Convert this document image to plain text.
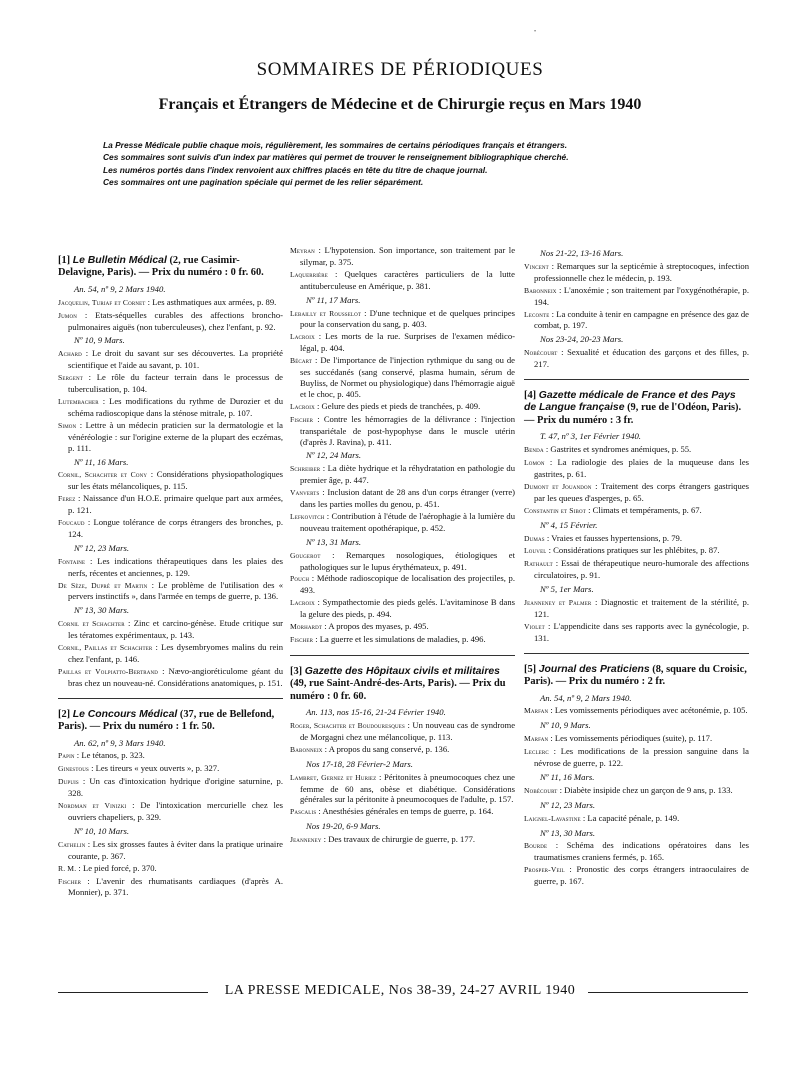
•
SOMMAIRES DE PÉRIODIQUES
Français et Étrangers de Médecine et de Chirurgie reçus en Mars 1940
La Presse Médicale publie chaque mois, régulièrement, les sommaires de certains périodiques français et étrangers.
Ces sommaires sont suivis d'un index par matières qui permet de trouver le renseignement bibliographique cherché.
Les numéros portés dans l'index renvoient aux chiffres placés en tête du titre de chaque journal.
Ces sommaires ont une pagination spéciale qui permet de les relier séparément.
[1] Le Bulletin Médical (2, rue Casimir-Delavigne, Paris). — Prix du numéro : 0 fr. 60.
An. 54, nº 9, 2 Mars 1940.
Jacquelin, Turiaf et Cornet : Les asthmatiques aux armées, p. 89.
Jumon : Etats-séquelles curables des affections broncho-pulmonaires aiguës (non tuberculeuses), chez l'enfant, p. 92.
Nº 10, 9 Mars.
Achard : Le droit du savant sur ses découvertes. La propriété scientifique et l'aide au savant, p. 101.
Sergent : Le rôle du facteur terrain dans le processus de tuberculisation, p. 104.
Lutembacher : Les modifications du rythme de Durozier et du schéma radioscopique dans la sténose mitrale, p. 107.
Simon : Lettre à un médecin praticien sur la dermatologie et la vénéréologie : sur l'origine externe de la plupart des eczémas, p. 111.
Nº 11, 16 Mars.
Cornil, Schachter et Cony : Considérations physiopathologiques sur les états mélancoliques, p. 115.
Ferez : Naissance d'un H.O.E. primaire quelque part aux armées, p. 121.
Foucaud : Longue tolérance de corps étrangers des bronches, p. 124.
Nº 12, 23 Mars.
Fontaine : Les indications thérapeutiques dans les plaies des nerfs, récentes et anciennes, p. 129.
De Sèze, Dupré et Martin : Le problème de l'utilisation des « pervers instinctifs », dans l'armée en temps de guerre, p. 136.
Nº 13, 30 Mars.
Cornil et Schachter : Zinc et carcino-génèse. Etude critique sur les tératomes expérimentaux, p. 143.
Cornil, Paillas et Schachter : Les dysembryomes malins du rein chez l'enfant, p. 146.
Paillas et Volpiatto-Bertrand : Nævo-angioréticulome géant du bras chez un nouveau-né. Considérations anatomiques, p. 151.
[2] Le Concours Médical (37, rue de Bellefond, Paris). — Prix du numéro : 1 fr. 50.
An. 62, nº 9, 3 Mars 1940.
Papin : Le tétanos, p. 323.
Ginestous : Les tireurs « yeux ouverts », p. 327.
Dupuis : Un cas d'intoxication hydrique d'origine saturnine, p. 328.
Nordman et Vinizki : De l'intoxication mercurielle chez les ouvriers chapeliers, p. 329.
Nº 10, 10 Mars.
Cathelin : Les six grosses fautes à éviter dans la pratique urinaire courante, p. 367.
R. M. : Le pied forcé, p. 370.
Fischer : L'avenir des rhumatisants cardiaques (d'après A. Monnier), p. 371.
Meyran : L'hypotension. Son importance, son traitement par le silymar, p. 375.
Laquerrière : Quelques caractères particuliers de la lutte antituberculeuse en Amérique, p. 381.
Nº 11, 17 Mars.
Lebailly et Rousselot : D'une technique et de quelques principes pour la conservation du sang, p. 403.
Lacroix : Les morts de la rue. Surprises de l'examen médico-légal, p. 404.
Bécart : De l'importance de l'injection rythmique du sang ou de ses succédanés (sang conservé, plasma humain, sérum de Buyliss, de Normet ou physiologique) dans l'hémorragie aiguë et le choc, p. 405.
Lacroix : Gelure des pieds et pieds de tranchées, p. 409.
Fischer : Contre les hémorragies de la délivrance : l'injection transpariétale de post-hypophyse dans le muscle utérin (d'après J. Ravina), p. 411.
Nº 12, 24 Mars.
Schreiber : La diète hydrique et la réhydratation en pathologie du premier âge, p. 447.
Vanverts : Inclusion datant de 28 ans d'un corps étranger (verre) dans les parties molles du genou, p. 451.
Lefkovitch : Contribution à l'étude de l'aérophagie à la lumière du nouveau traitement opothérapique, p. 452.
Nº 13, 31 Mars.
Gougerot : Remarques nosologiques, étiologiques et pathologiques sur le lupus érythémateux, p. 491.
Pouch : Méthode radioscopique de localisation des projectiles, p. 493.
Lacroix : Sympathectomie des pieds gelés. L'avitaminose B dans la gelure des pieds, p. 494.
Morhardt : A propos des myases, p. 495.
Fischer : La guerre et les simulations de maladies, p. 496.
[3] Gazette des Hôpitaux civils et militaires (49, rue Saint-André-des-Arts, Paris). — Prix du numéro : 0 fr. 60.
An. 113, nos 15-16, 21-24 Février 1940.
Roger, Schachter et Boudouresques : Un nouveau cas de syndrome de Morgagni chez une mélancolique, p. 113.
Babonneix : A propos du sang conservé, p. 136.
Nos 17-18, 28 Février-2 Mars.
Lambret, Gernez et Huriez : Péritonites à pneumocoques chez une femme de 60 ans, obèse et diabétique. Considérations générales sur la péritonite à pneumocoques de l'adulte, p. 157.
Pascalis : Anesthésies générales en temps de guerre, p. 164.
Nos 19-20, 6-9 Mars.
Jeanneney : Des travaux de chirurgie de guerre, p. 177.
Nos 21-22, 13-16 Mars.
Vincent : Remarques sur la septicémie à streptocoques, infection professionnelle chez le médecin, p. 193.
Babonneix : L'anoxémie ; son traitement par l'oxygénothérapie, p. 194.
Leconte : La conduite à tenir en campagne en présence des gaz de combat, p. 197.
Nos 23-24, 20-23 Mars.
Nobécourt : Sexualité et éducation des garçons et des filles, p. 217.
[4] Gazette médicale de France et des Pays de Langue française (9, rue de l'Odéon, Paris). — Prix du numéro : 3 fr.
T. 47, nº 3, 1er Février 1940.
Benda : Gastrites et syndromes anémiques, p. 55.
Lomon : La radiologie des plaies de la muqueuse dans les gastrites, p. 61.
Dumont et Jouandon : Traitement des corps étrangers gastriques par les queues d'asperges, p. 65.
Constantin et Sibot : Climats et tempéraments, p. 67.
Nº 4, 15 Février.
Dumas : Vraies et fausses hypertensions, p. 79.
Louvel : Considérations pratiques sur les phlébites, p. 87.
Rathault : Essai de thérapeutique neuro-humorale des affections circulatoires, p. 91.
Nº 5, 1er Mars.
Jeanneney et Palmer : Diagnostic et traitement de la stérilité, p. 121.
Violet : L'appendicite dans ses rapports avec la gynécologie, p. 131.
[5] Journal des Praticiens (8, square du Croisic, Paris). — Prix du numéro : 2 fr.
An. 54, nº 9, 2 Mars 1940.
Marfan : Les vomissements périodiques avec acétonémie, p. 105.
Nº 10, 9 Mars.
Marfan : Les vomissements périodiques (suite), p. 117.
Leclerc : Les modifications de la pression sanguine dans la névrose de guerre, p. 122.
Nº 11, 16 Mars.
Nobécourt : Diabète insipide chez un garçon de 9 ans, p. 133.
Nº 12, 23 Mars.
Laignel-Lavastine : La capacité pénale, p. 149.
Nº 13, 30 Mars.
Bourde : Schéma des indications opératoires dans les traumatismes craniens fermés, p. 165.
Prosper-Veil : Pronostic des corps étrangers intraoculaires de guerre, p. 167.
LA PRESSE MEDICALE, Nos 38-39, 24-27 AVRIL 1940
